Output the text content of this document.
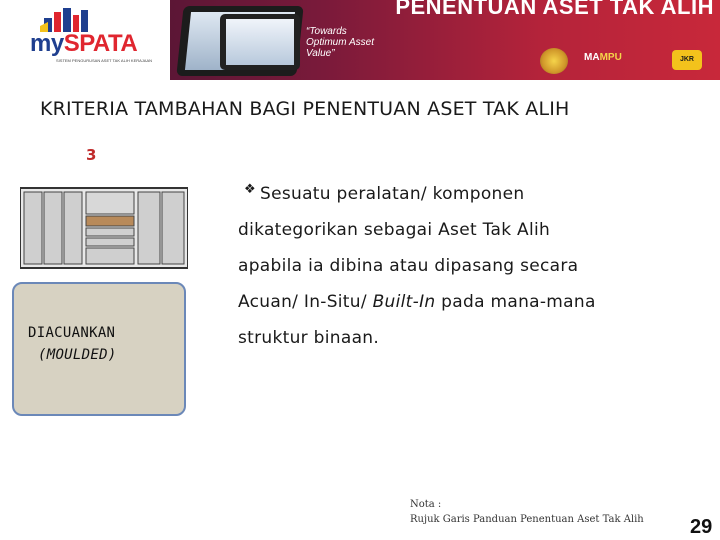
mySPATA
SISTEM PENGURUSAN ASET TAK ALIH KERAJAAN
“Towards
Optimum Asset
Value”
PENENTUAN ASET TAK ALIH
MAMPU	JKR
KRITERIA TAMBAHAN BAGI PENENTUAN ASET TAK ALIH
3
DIACUANKAN
(MOULDED)
Sesuatu peralatan/ komponen
dikategorikan sebagai Aset Tak Alih
apabila ia dibina atau dipasang secara
Acuan/ In-Situ/ Built-In pada mana-mana
struktur binaan.
❖
Nota :
Rujuk Garis Panduan Penentuan Aset Tak Alih 29
